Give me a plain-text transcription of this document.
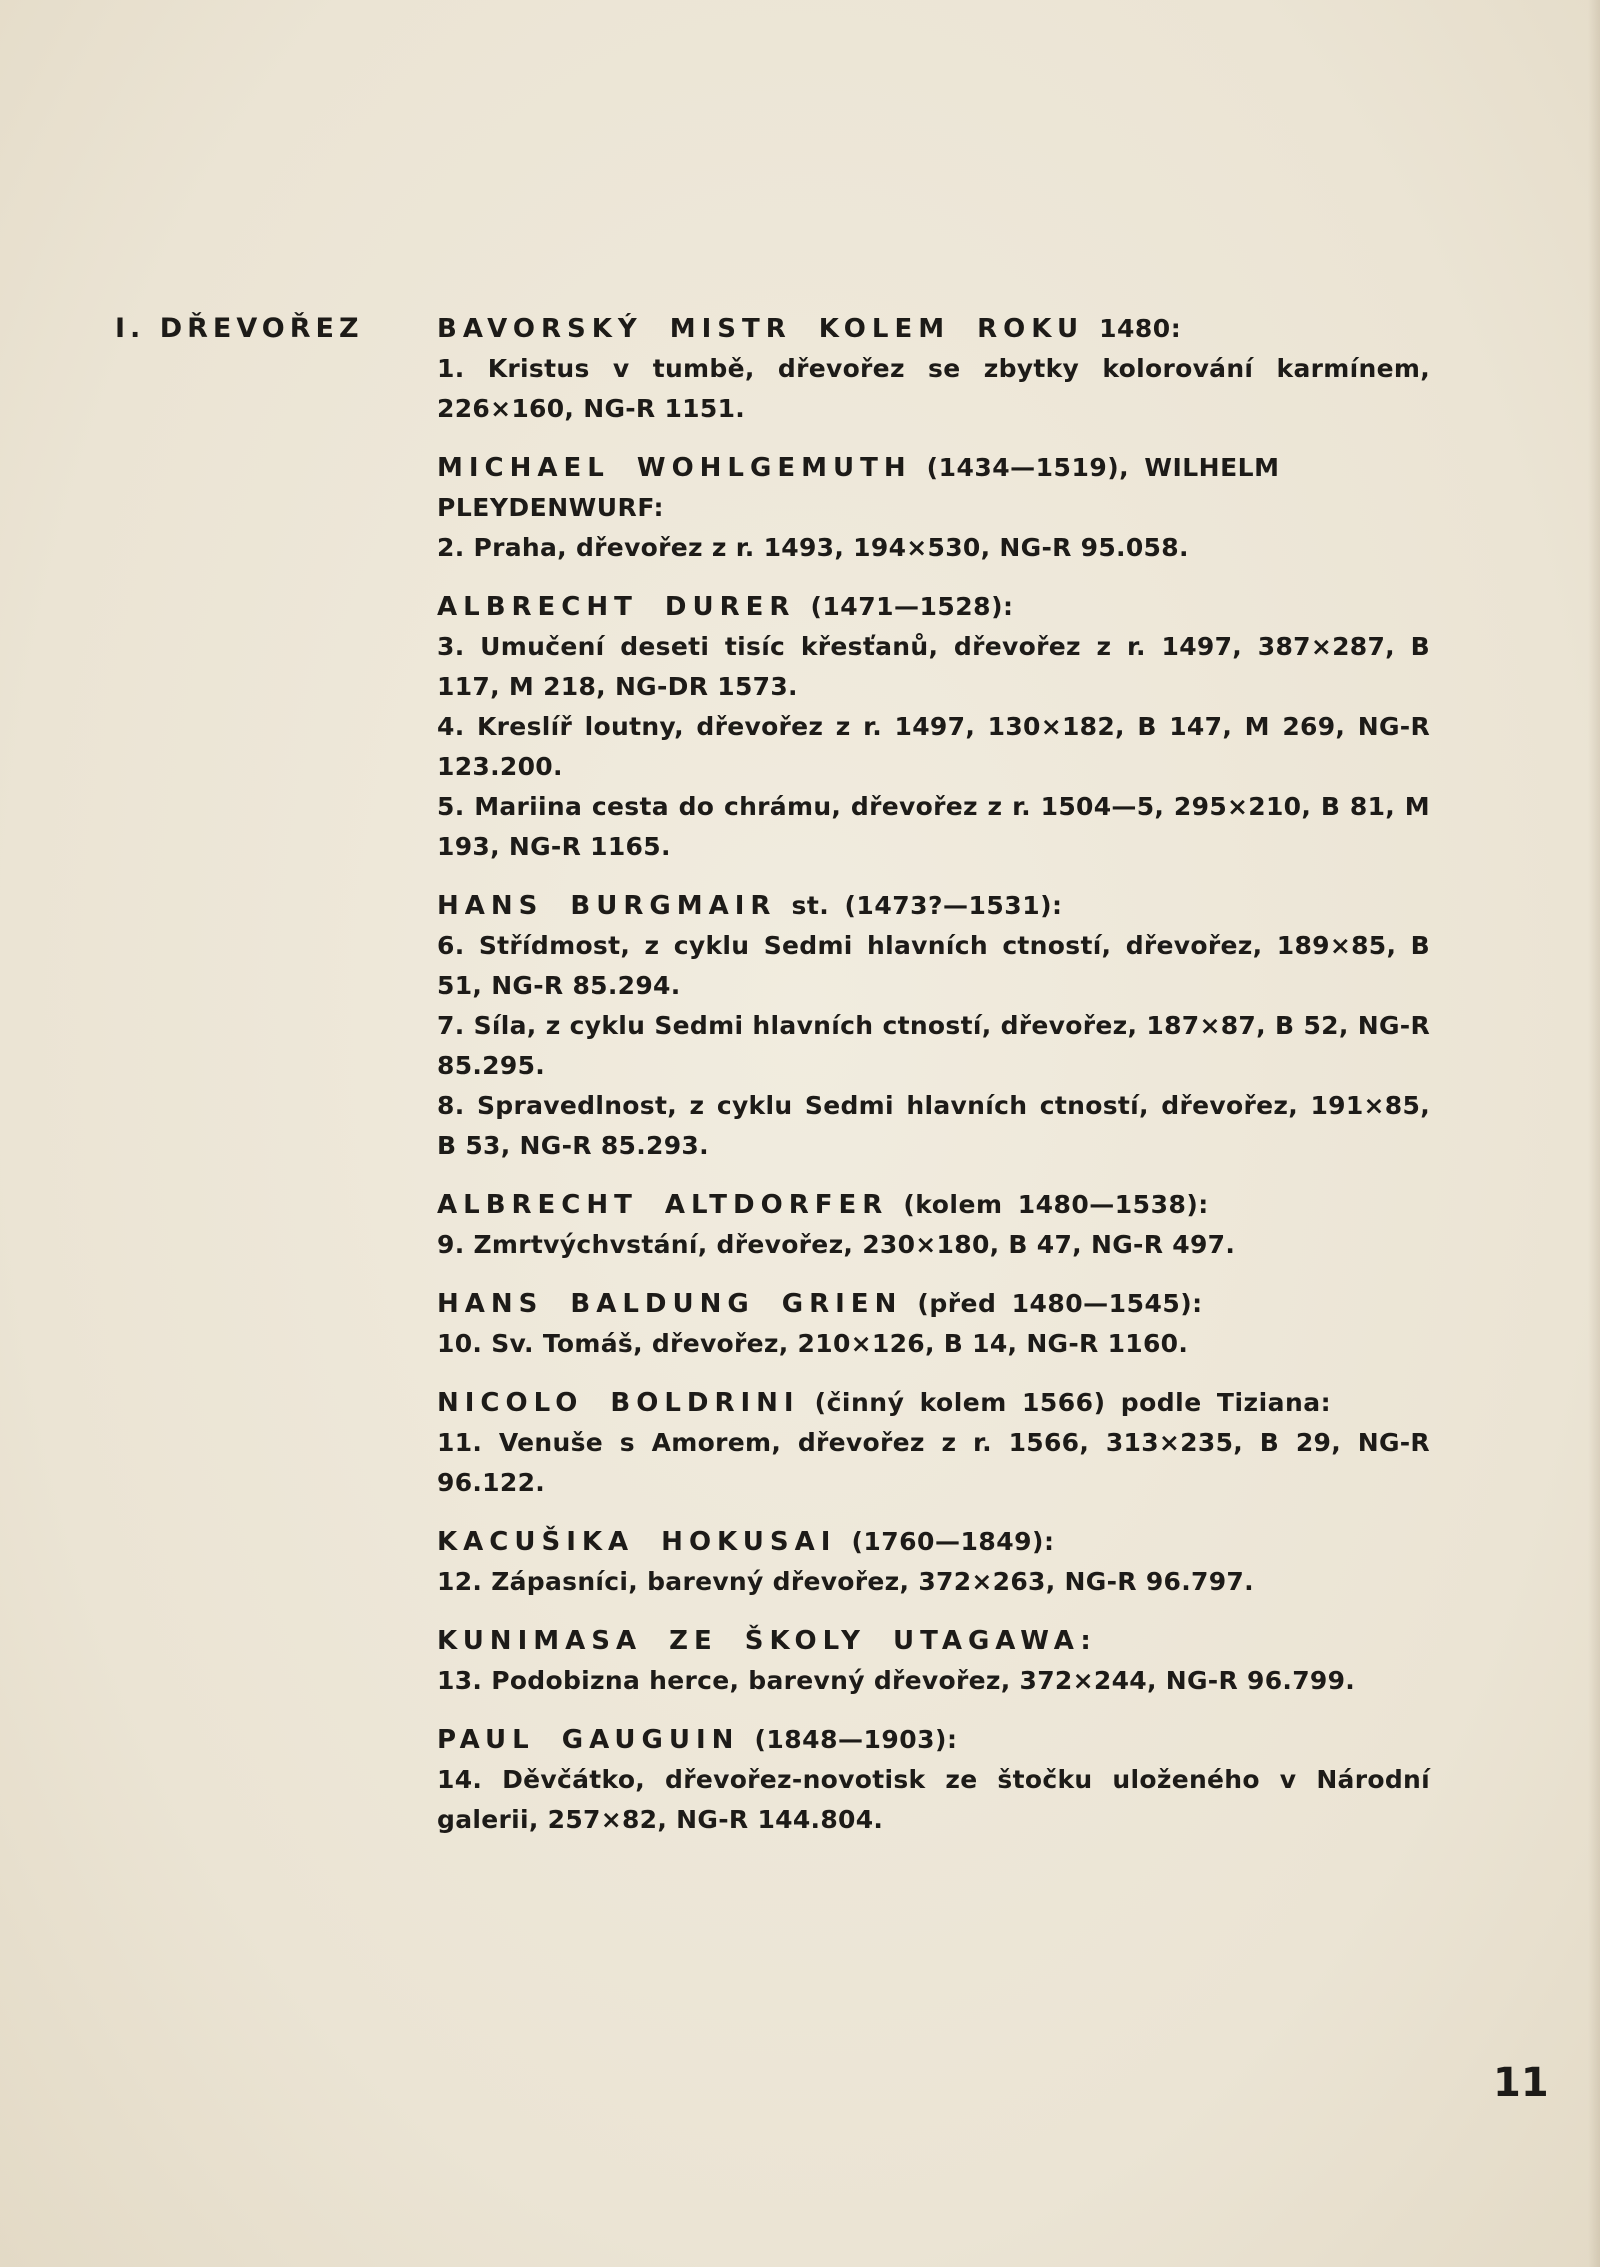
I. DŘEVOŘEZ	BAVORSKÝ MISTR KOLEM ROKU 1480:
1. Kristus v tumbě, dřevořez se zbytky kolorování karmínem, 226×160, NG-R 1151.
MICHAEL WOHLGEMUTH (1434—1519), WILHELM PLEYDENWURF:
2. Praha, dřevořez z r. 1493, 194×530, NG-R 95.058.
ALBRECHT DURER (1471—1528):
3. Umučení deseti tisíc křesťanů, dřevořez z r. 1497, 387×287, B 117, M 218, NG-DR 1573.
4. Kreslíř loutny, dřevořez z r. 1497, 130×182, B 147, M 269, NG-R 123.200.
5. Mariina cesta do chrámu, dřevořez z r. 1504—5, 295×210, B 81, M 193, NG-R 1165.
HANS BURGMAIR st. (1473?—1531):
6. Střídmost, z cyklu Sedmi hlavních ctností, dřevořez, 189×85, B 51, NG-R 85.294.
7. Síla, z cyklu Sedmi hlavních ctností, dřevořez, 187×87, B 52, NG-R 85.295.
8. Spravedlnost, z cyklu Sedmi hlavních ctností, dřevořez, 191×85, B 53, NG-R 85.293.
ALBRECHT ALTDORFER (kolem 1480—1538):
9. Zmrtvýchvstání, dřevořez, 230×180, B 47, NG-R 497.
HANS BALDUNG GRIEN (před 1480—1545):
10. Sv. Tomáš, dřevořez, 210×126, B 14, NG-R 1160.
NICOLO BOLDRINI (činný kolem 1566) podle Tiziana:
11. Venuše s Amorem, dřevořez z r. 1566, 313×235, B 29, NG-R 96.122.
KACUŠIKA HOKUSAI (1760—1849):
12. Zápasníci, barevný dřevořez, 372×263, NG-R 96.797.
KUNIMASA ZE ŠKOLY UTAGAWA:
13. Podobizna herce, barevný dřevořez, 372×244, NG-R 96.799.
PAUL GAUGUIN (1848—1903):
14. Děvčátko, dřevořez-novotisk ze štočku uloženého v Národní galerii, 257×82, NG-R 144.804.
11
